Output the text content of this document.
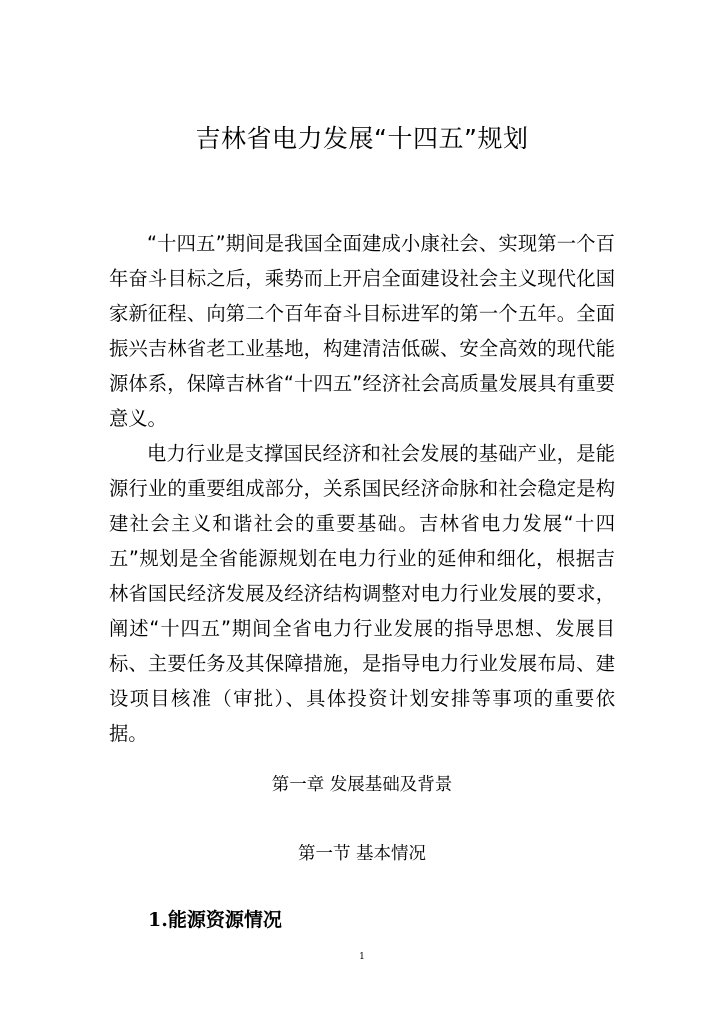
吉林省电力发展“十四五”规划

“十四五”期间是我国全面建成小康社会、实现第一个百年奋斗目标之后，乘势而上开启全面建设社会主义现代化国家新征程、向第二个百年奋斗目标进军的第一个五年。全面振兴吉林省老工业基地，构建清洁低碳、安全高效的现代能源体系，保障吉林省“十四五”经济社会高质量发展具有重要意义。

电力行业是支撑国民经济和社会发展的基础产业，是能源行业的重要组成部分，关系国民经济命脉和社会稳定是构建社会主义和谐社会的重要基础。吉林省电力发展“十四五”规划是全省能源规划在电力行业的延伸和细化，根据吉林省国民经济发展及经济结构调整对电力行业发展的要求，阐述“十四五”期间全省电力行业发展的指导思想、发展目标、主要任务及其保障措施，是指导电力行业发展布局、建设项目核准（审批）、具体投资计划安排等事项的重要依据。

第一章 发展基础及背景
第一节 基本情况
1.能源资源情况
1
